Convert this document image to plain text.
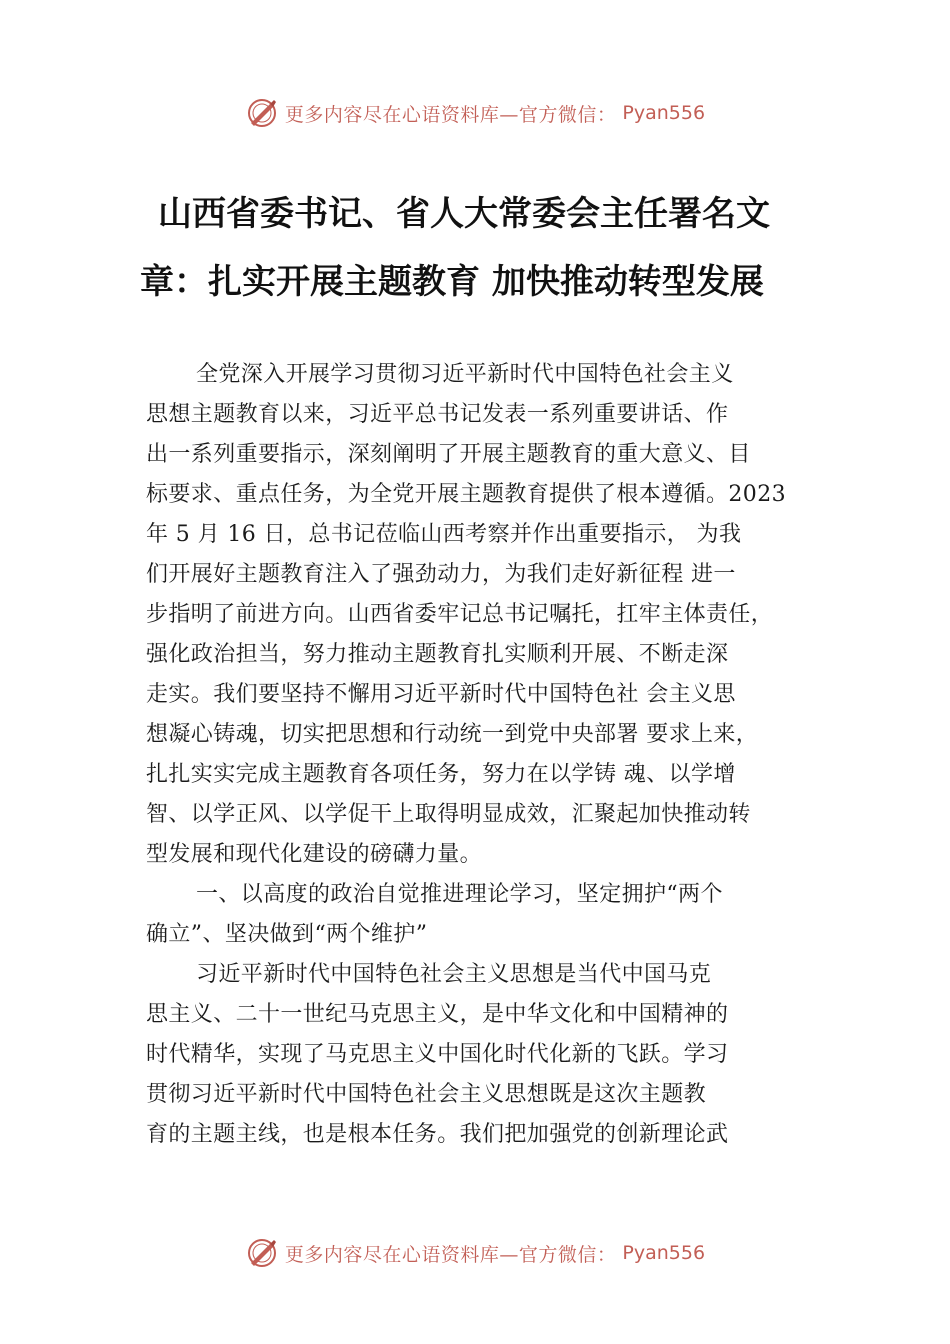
更多内容尽在心语资料库—官方微信： Pyan556
山西省委书记、省人大常委会主任署名文
章：扎实开展主题教育 加快推动转型发展
全党深入开展学习贯彻习近平新时代中国特色社会主义
思想主题教育以来，习近平总书记发表一系列重要讲话、作
出一系列重要指示，深刻阐明了开展主题教育的重大意义、目
标要求、重点任务，为全党开展主题教育提供了根本遵循。2023
年 5 月 16 日，总书记莅临山西考察并作出重要指示， 为我
们开展好主题教育注入了强劲动力，为我们走好新征程 进一
步指明了前进方向。山西省委牢记总书记嘱托，扛牢主体责任，
强化政治担当，努力推动主题教育扎实顺利开展、不断走深
走实。我们要坚持不懈用习近平新时代中国特色社 会主义思
想凝心铸魂，切实把思想和行动统一到党中央部署 要求上来，
扎扎实实完成主题教育各项任务，努力在以学铸 魂、以学增
智、以学正风、以学促干上取得明显成效，汇聚起加快推动转
型发展和现代化建设的磅礴力量。
一、以高度的政治自觉推进理论学习，坚定拥护“两个
确立”、坚决做到“两个维护”
习近平新时代中国特色社会主义思想是当代中国马克
思主义、二十一世纪马克思主义，是中华文化和中国精神的
时代精华，实现了马克思主义中国化时代化新的飞跃。学习
贯彻习近平新时代中国特色社会主义思想既是这次主题教
育的主题主线，也是根本任务。我们把加强党的创新理论武
更多内容尽在心语资料库—官方微信： Pyan556
